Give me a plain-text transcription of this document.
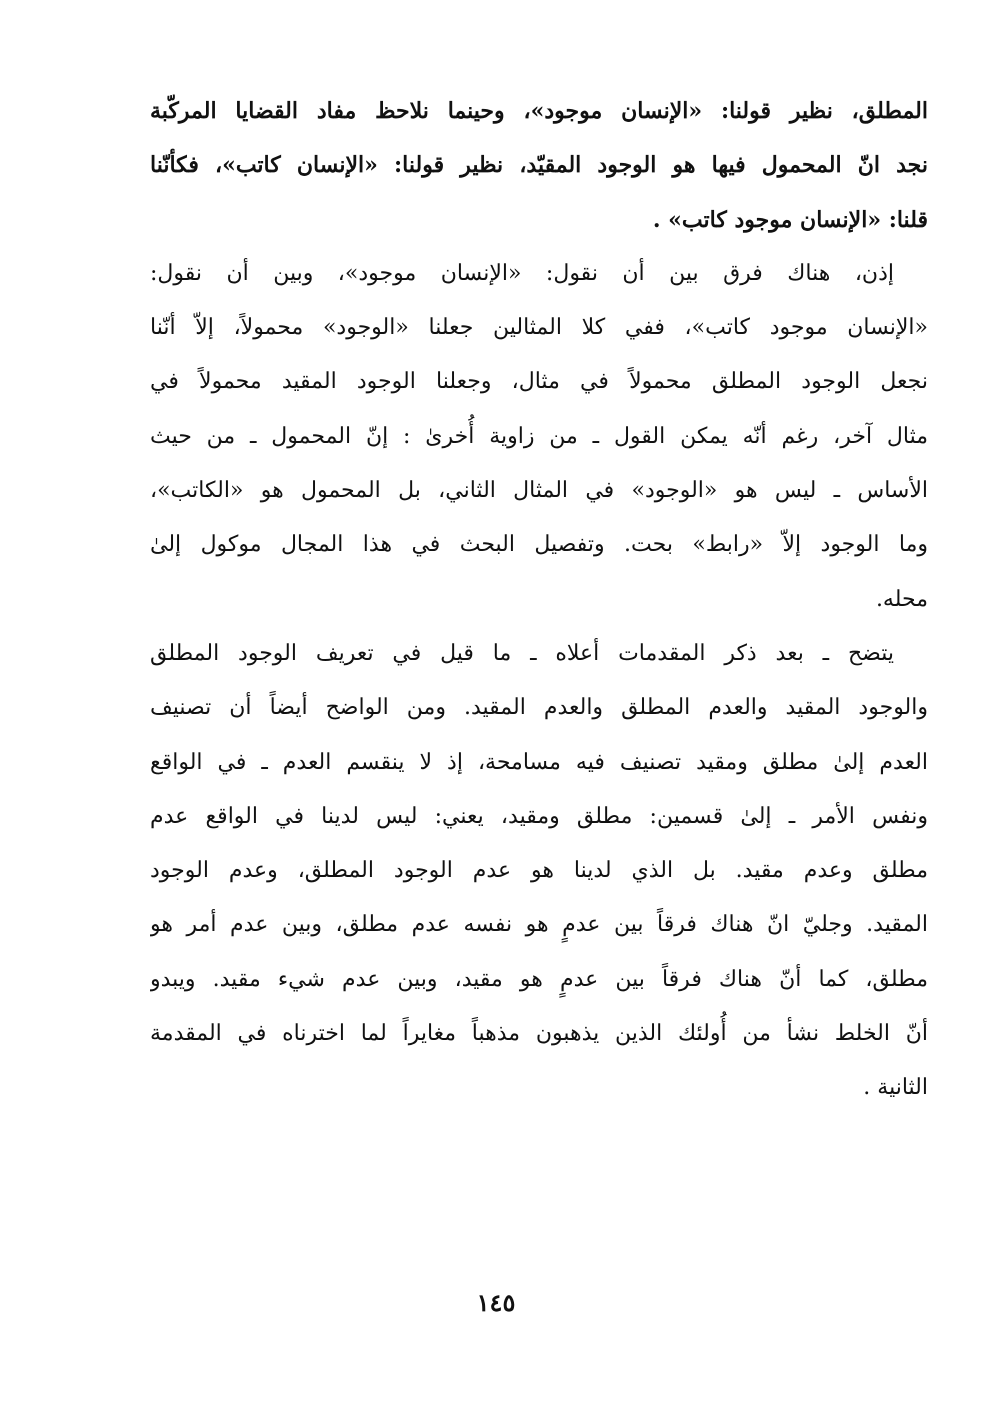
المطلق، نظير قولنا: «الإنسان موجود»، وحينما نلاحظ مفاد القضايا المركّبة
نجد انّ المحمول فيها هو الوجود المقيّد، نظير قولنا: «الإنسان كاتب»، فكأنّنا
قلنا: «الإنسان موجود كاتب» .

إذن، هناك فرق بين أن نقول: «الإنسان موجود»، وبين أن نقول:
«الإنسان موجود كاتب»، ففي كلا المثالين جعلنا «الوجود» محمولاً، إلاّ أنّنا
نجعل الوجود المطلق محمولاً في مثال، وجعلنا الوجود المقيد محمولاً في
مثال آخر، رغم أنّه يمكن القول ـ من زاوية أُخرىٰ : إنّ المحمول ـ من حيث
الأساس ـ ليس هو «الوجود» في المثال الثاني، بل المحمول هو «الكاتب»،
وما الوجود إلاّ «رابط» بحت. وتفصيل البحث في هذا المجال موكول إلىٰ
محله.

يتضح ـ بعد ذكر المقدمات أعلاه ـ ما قيل في تعريف الوجود المطلق
والوجود المقيد والعدم المطلق والعدم المقيد. ومن الواضح أيضاً أن تصنيف
العدم إلىٰ مطلق ومقيد تصنيف فيه مسامحة، إذ لا ينقسم العدم ـ في الواقع
ونفس الأمر ـ إلىٰ قسمين: مطلق ومقيد، يعني: ليس لدينا في الواقع عدم
مطلق وعدم مقيد. بل الذي لدينا هو عدم الوجود المطلق، وعدم الوجود
المقيد. وجليّ انّ هناك فرقاً بين عدمٍ هو نفسه عدم مطلق، وبين عدم أمر هو
مطلق، كما أنّ هناك فرقاً بين عدمٍ هو مقيد، وبين عدم شيء مقيد. ويبدو
أنّ الخلط نشأ من أُولئك الذين يذهبون مذهباً مغايراً لما اخترناه في المقدمة
الثانية .

١٤٥
